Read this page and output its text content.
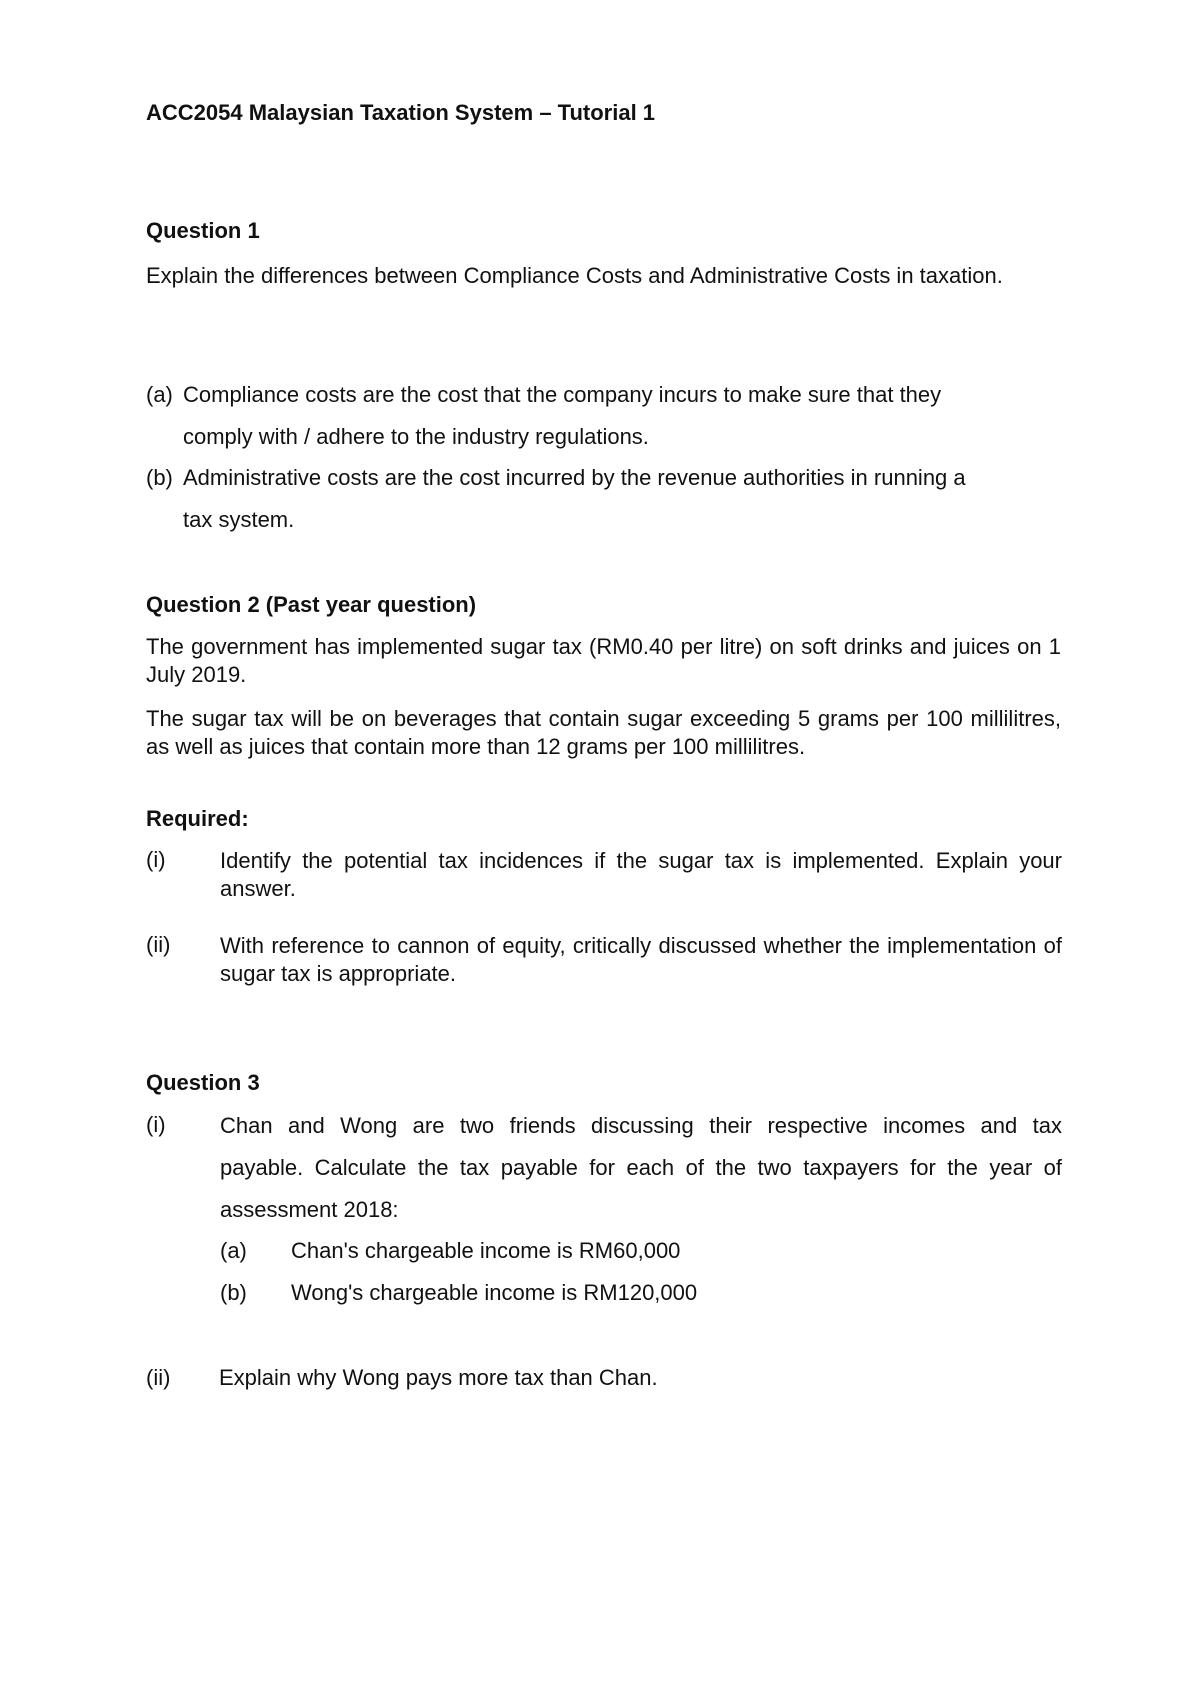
ACC2054 Malaysian Taxation System – Tutorial 1
Question 1

Explain the differences between Compliance Costs and Administrative Costs in taxation.

(a) Compliance costs are the cost that the company incurs to make sure that they
comply with / adhere to the industry regulations.
(b) Administrative costs are the cost incurred by the revenue authorities in running a
tax system.
Question 2 (Past year question)

The government has implemented sugar tax (RM0.40 per litre) on soft drinks and juices on 1 July 2019.

The sugar tax will be on beverages that contain sugar exceeding 5 grams per 100 millilitres, as well as juices that contain more than 12 grams per 100 millilitres.

Required:
(i) Identify the potential tax incidences if the sugar tax is implemented. Explain your answer.

(ii) With reference to cannon of equity, critically discussed whether the implementation of sugar tax is appropriate.

Question 3
(i) Chan and Wong are two friends discussing their respective incomes and tax

payable. Calculate the tax payable for each of the two taxpayers for the year of

assessment 2018:

(a) Chan's chargeable income is RM60,000
(b) Wong's chargeable income is RM120,000
(ii) Explain why Wong pays more tax than Chan.
